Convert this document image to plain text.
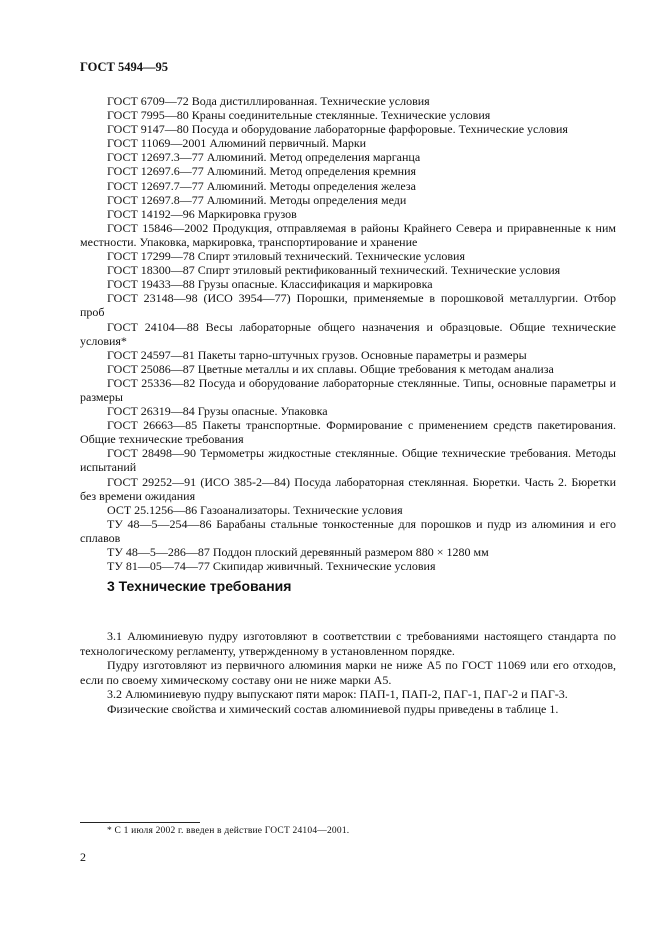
ГОСТ 5494—95

ГОСТ 6709—72 Вода дистиллированная. Технические условия

ГОСТ 7995—80 Краны соединительные стеклянные. Технические условия

ГОСТ 9147—80 Посуда и оборудование лабораторные фарфоровые. Технические условия

ГОСТ 11069—2001 Алюминий первичный. Марки

ГОСТ 12697.3—77 Алюминий. Метод определения марганца

ГОСТ 12697.6—77 Алюминий. Метод определения кремния

ГОСТ 12697.7—77 Алюминий. Методы определения железа

ГОСТ 12697.8—77 Алюминий. Методы определения меди

ГОСТ 14192—96 Маркировка грузов

ГОСТ 15846—2002 Продукция, отправляемая в районы Крайнего Севера и приравненные к ним местности. Упаковка, маркировка, транспортирование и хранение

ГОСТ 17299—78 Спирт этиловый технический. Технические условия

ГОСТ 18300—87 Спирт этиловый ректификованный технический. Технические условия

ГОСТ 19433—88 Грузы опасные. Классификация и маркировка

ГОСТ 23148—98 (ИСО 3954—77) Порошки, применяемые в порошковой металлургии. Отбор проб

ГОСТ 24104—88 Весы лабораторные общего назначения и образцовые. Общие технические условия*

ГОСТ 24597—81 Пакеты тарно-штучных грузов. Основные параметры и размеры

ГОСТ 25086—87 Цветные металлы и их сплавы. Общие требования к методам анализа

ГОСТ 25336—82 Посуда и оборудование лабораторные стеклянные. Типы, основные параметры и размеры

ГОСТ 26319—84 Грузы опасные. Упаковка

ГОСТ 26663—85 Пакеты транспортные. Формирование с применением средств пакетирования. Общие технические требования

ГОСТ 28498—90 Термометры жидкостные стеклянные. Общие технические требования. Методы испытаний

ГОСТ 29252—91 (ИСО 385-2—84) Посуда лабораторная стеклянная. Бюретки. Часть 2. Бюретки без времени ожидания

ОСТ 25.1256—86 Газоанализаторы. Технические условия

ТУ 48—5—254—86 Барабаны стальные тонкостенные для порошков и пудр из алюминия и его сплавов

ТУ 48—5—286—87 Поддон плоский деревянный размером 880 × 1280 мм

ТУ 81—05—74—77 Скипидар живичный. Технические условия

3 Технические требования

3.1 Алюминиевую пудру изготовляют в соответствии с требованиями настоящего стандарта по технологическому регламенту, утвержденному в установленном порядке.

Пудру изготовляют из первичного алюминия марки не ниже А5 по ГОСТ 11069 или его отходов, если по своему химическому составу они не ниже марки А5.

3.2 Алюминиевую пудру выпускают пяти марок: ПАП-1, ПАП-2, ПАГ-1, ПАГ-2 и ПАГ-3.

Физические свойства и химический состав алюминиевой пудры приведены в таблице 1.

* С 1 июля 2002 г. введен в действие ГОСТ 24104—2001.
2
